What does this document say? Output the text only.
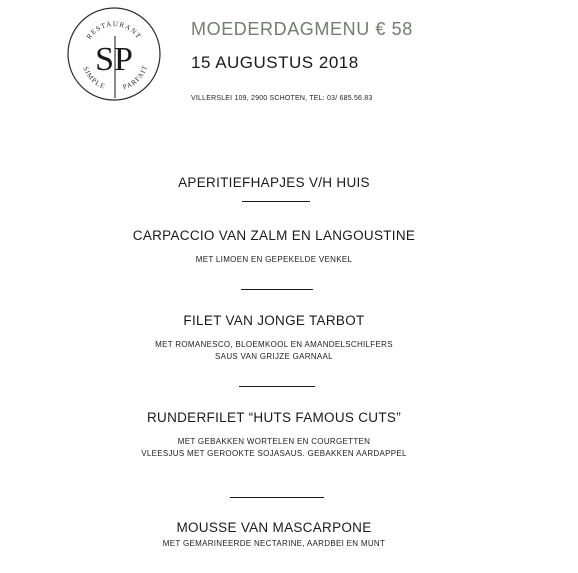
RESTAURANT
SIMPLE PARFAIT
SP
MOEDERDAGMENU € 58
15 AUGUSTUS 2018
VILLERSLEI 109, 2900 SCHOTEN, TEL: 03/ 685.56.83
APERITIEFHAPJES V/H HUIS
CARPACCIO VAN ZALM EN LANGOUSTINE
MET LIMOEN EN GEPEKELDE VENKEL
FILET VAN JONGE TARBOT
MET ROMANESCO, BLOEMKOOL EN AMANDELSCHILFERS
SAUS VAN GRIJZE GARNAAL
RUNDERFILET “HUTS FAMOUS CUTS”
MET GEBAKKEN WORTELEN EN COURGETTEN
VLEESJUS MET GEROOKTE SOJASAUS. GEBAKKEN AARDAPPEL
MOUSSE VAN MASCARPONE
MET GEMARINEERDE NECTARINE, AARDBEI EN MUNT
